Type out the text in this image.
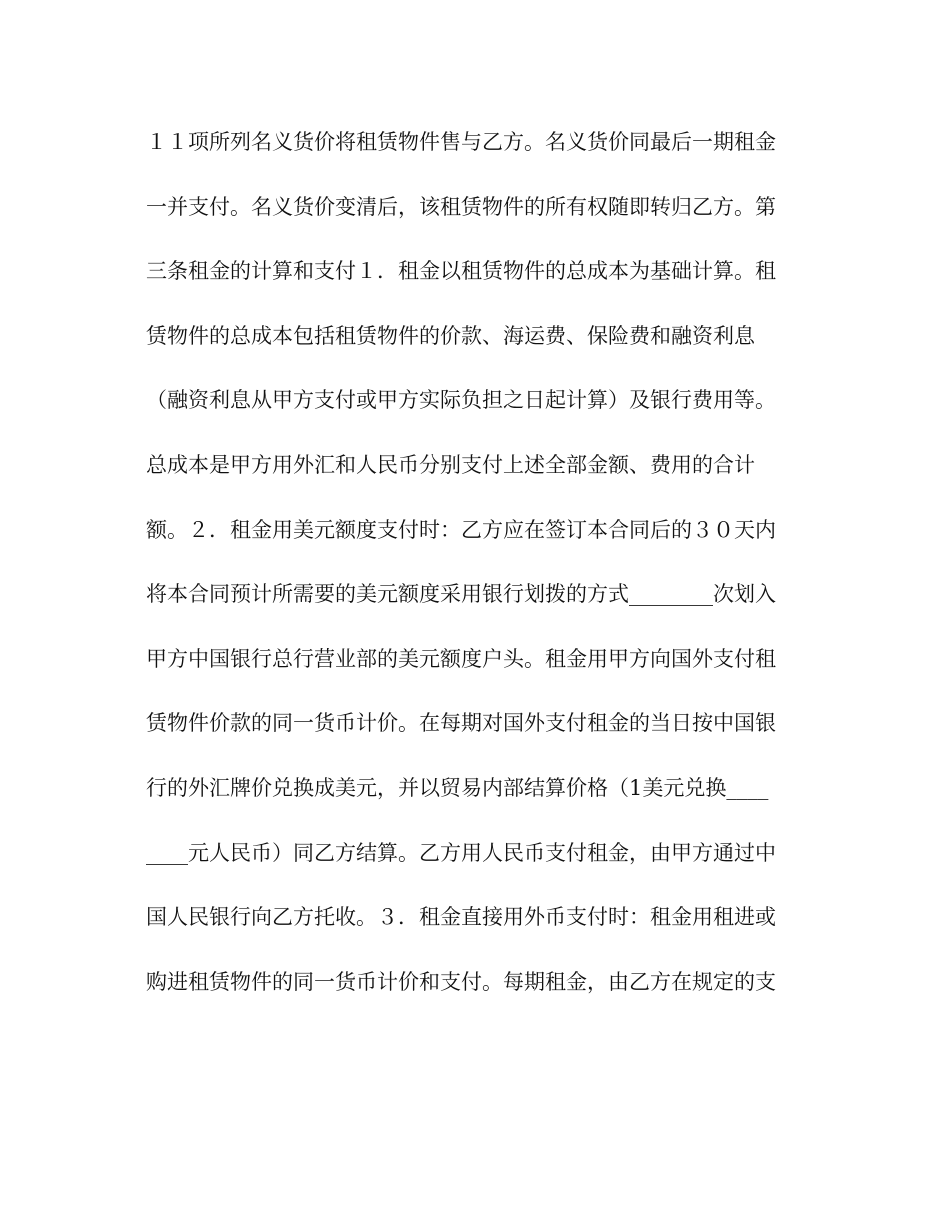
１１项所列名义货价将租赁物件售与乙方。名义货价同最后一期租金
一并支付。名义货价变清后，该租赁物件的所有权随即转归乙方。第
三条租金的计算和支付１．租金以租赁物件的总成本为基础计算。租
赁物件的总成本包括租赁物件的价款、海运费、保险费和融资利息
（融资利息从甲方支付或甲方实际负担之日起计算）及银行费用等。
总成本是甲方用外汇和人民币分别支付上述全部金额、费用的合计
额。２．租金用美元额度支付时：乙方应在签订本合同后的３０天内
将本合同预计所需要的美元额度采用银行划拨的方式________次划入
甲方中国银行总行营业部的美元额度户头。租金用甲方向国外支付租
赁物件价款的同一货币计价。在每期对国外支付租金的当日按中国银
行的外汇牌价兑换成美元，并以贸易内部结算价格（1美元兑换____
____元人民币）同乙方结算。乙方用人民币支付租金，由甲方通过中
国人民银行向乙方托收。３．租金直接用外币支付时：租金用租进或
购进租赁物件的同一货币计价和支付。每期租金，由乙方在规定的支
